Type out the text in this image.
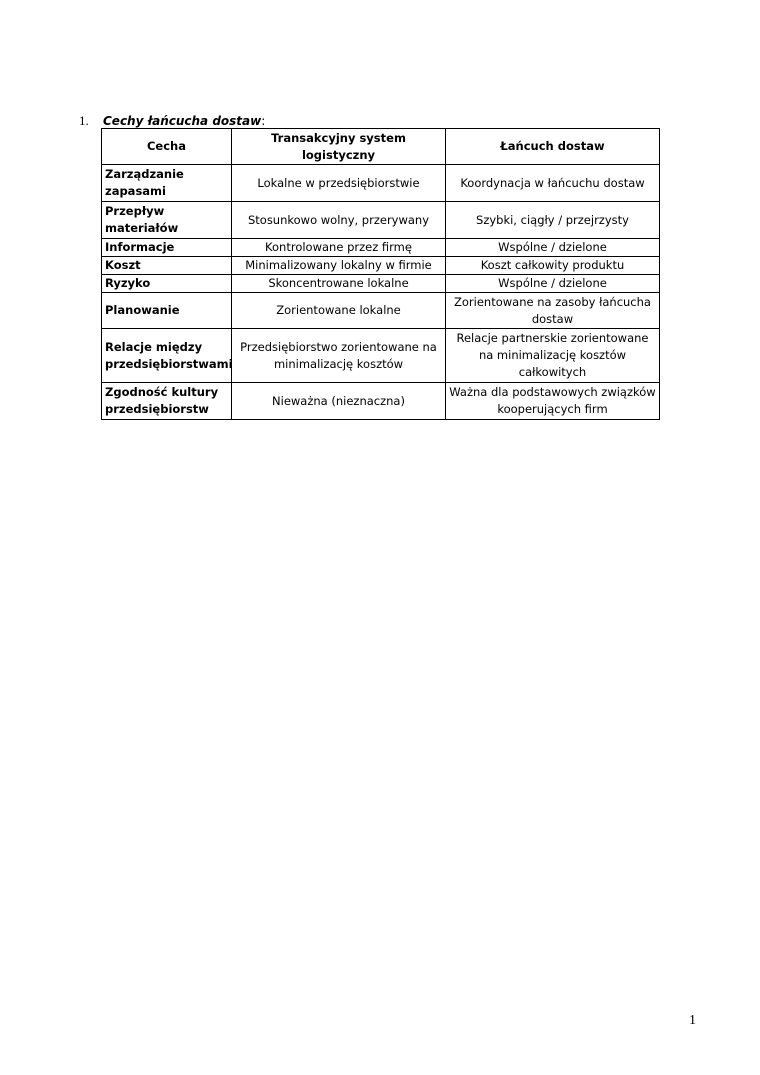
1. Cechy łańcucha dostaw:
Cecha	Transakcyjny system logistyczny	Łańcuch dostaw
Zarządzanie zapasami	Lokalne w przedsiębiorstwie	Koordynacja w łańcuchu dostaw
Przepływ materiałów	Stosunkowo wolny, przerywany	Szybki, ciągły / przejrzysty
Informacje	Kontrolowane przez firmę	Wspólne / dzielone
Koszt	Minimalizowany lokalny w firmie	Koszt całkowity produktu
Ryzyko	Skoncentrowane lokalne	Wspólne / dzielone
Planowanie	Zorientowane lokalne	Zorientowane na zasoby łańcucha dostaw
Relacje między przedsiębiorstwami	Przedsiębiorstwo zorientowane na minimalizację kosztów	Relacje partnerskie zorientowane na minimalizację kosztów całkowitych
Zgodność kultury przedsiębiorstw	Nieważna (nieznaczna)	Ważna dla podstawowych związków kooperujących firm
1
